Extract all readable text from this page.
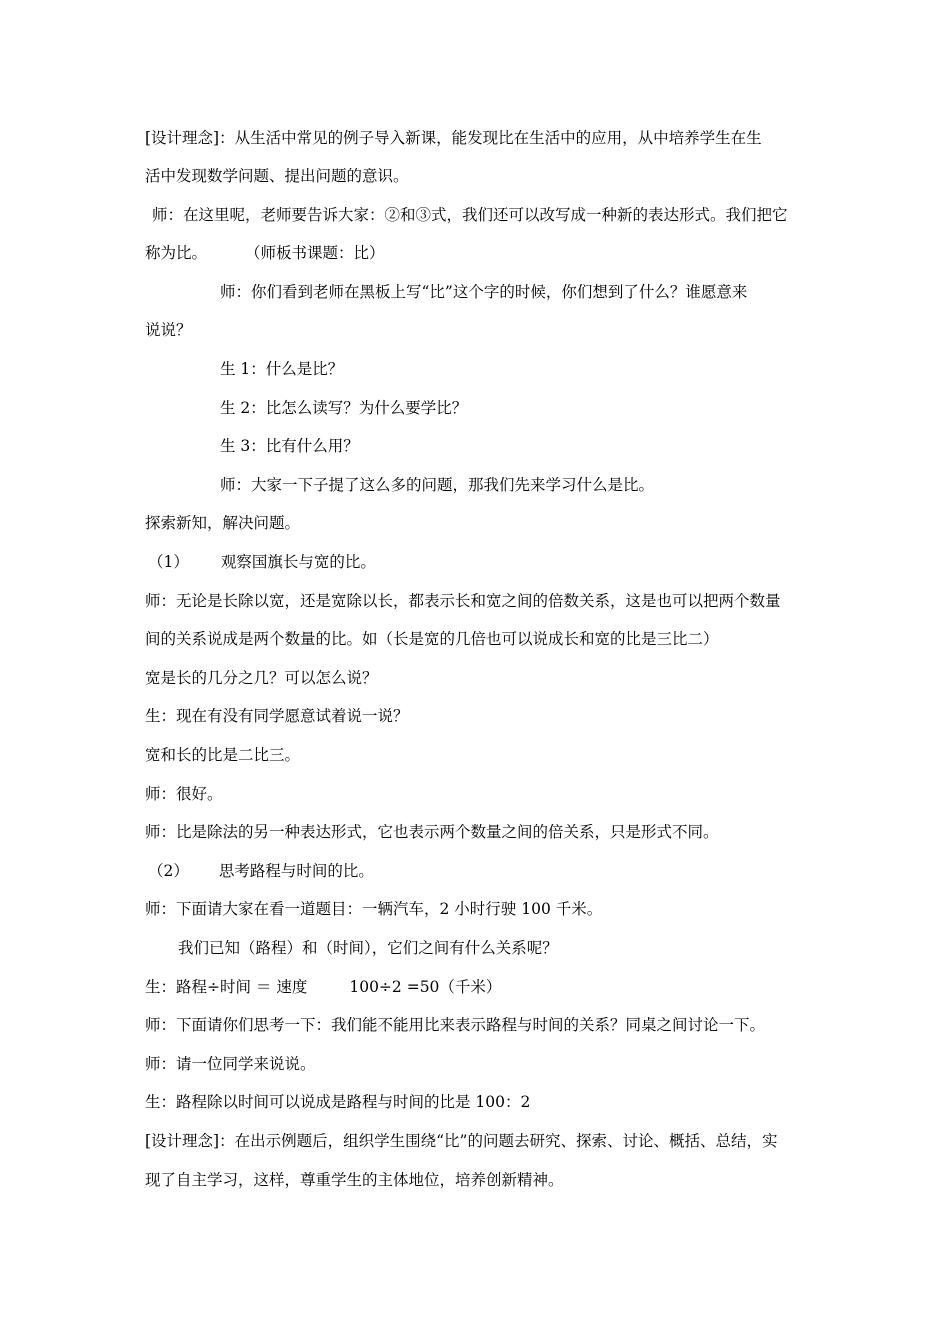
[设计理念]：从生活中常见的例子导入新课，能发现比在生活中的应用，从中培养学生在生
活中发现数学问题、提出问题的意识。
师：在这里呢，老师要告诉大家：②和③式，我们还可以改写成一种新的表达形式。我们把它
称为比。 （师板书课题：比）
师：你们看到老师在黑板上写“比”这个字的时候，你们想到了什么？谁愿意来
说说？
生 1：什么是比？
生 2：比怎么读写？为什么要学比？
生 3：比有什么用？
师：大家一下子提了这么多的问题，那我们先来学习什么是比。
探索新知，解决问题。
（1） 观察国旗长与宽的比。
师：无论是长除以宽，还是宽除以长，都表示长和宽之间的倍数关系，这是也可以把两个数量
间的关系说成是两个数量的比。如（长是宽的几倍也可以说成长和宽的比是三比二）
宽是长的几分之几？可以怎么说？
生：现在有没有同学愿意试着说一说？
宽和长的比是二比三。
师：很好。
师：比是除法的另一种表达形式，它也表示两个数量之间的倍关系，只是形式不同。
（2） 思考路程与时间的比。
师：下面请大家在看一道题目：一辆汽车，2 小时行驶 100 千米。
我们已知（路程）和（时间），它们之间有什么关系呢？
生：路程÷时间 ＝ 速度	100÷2 =50（千米）
师：下面请你们思考一下：我们能不能用比来表示路程与时间的关系？同桌之间讨论一下。
师：请一位同学来说说。
生：路程除以时间可以说成是路程与时间的比是 100：2
[设计理念]：在出示例题后，组织学生围绕“比”的问题去研究、探索、讨论、概括、总结，实
现了自主学习，这样，尊重学生的主体地位，培养创新精神。
